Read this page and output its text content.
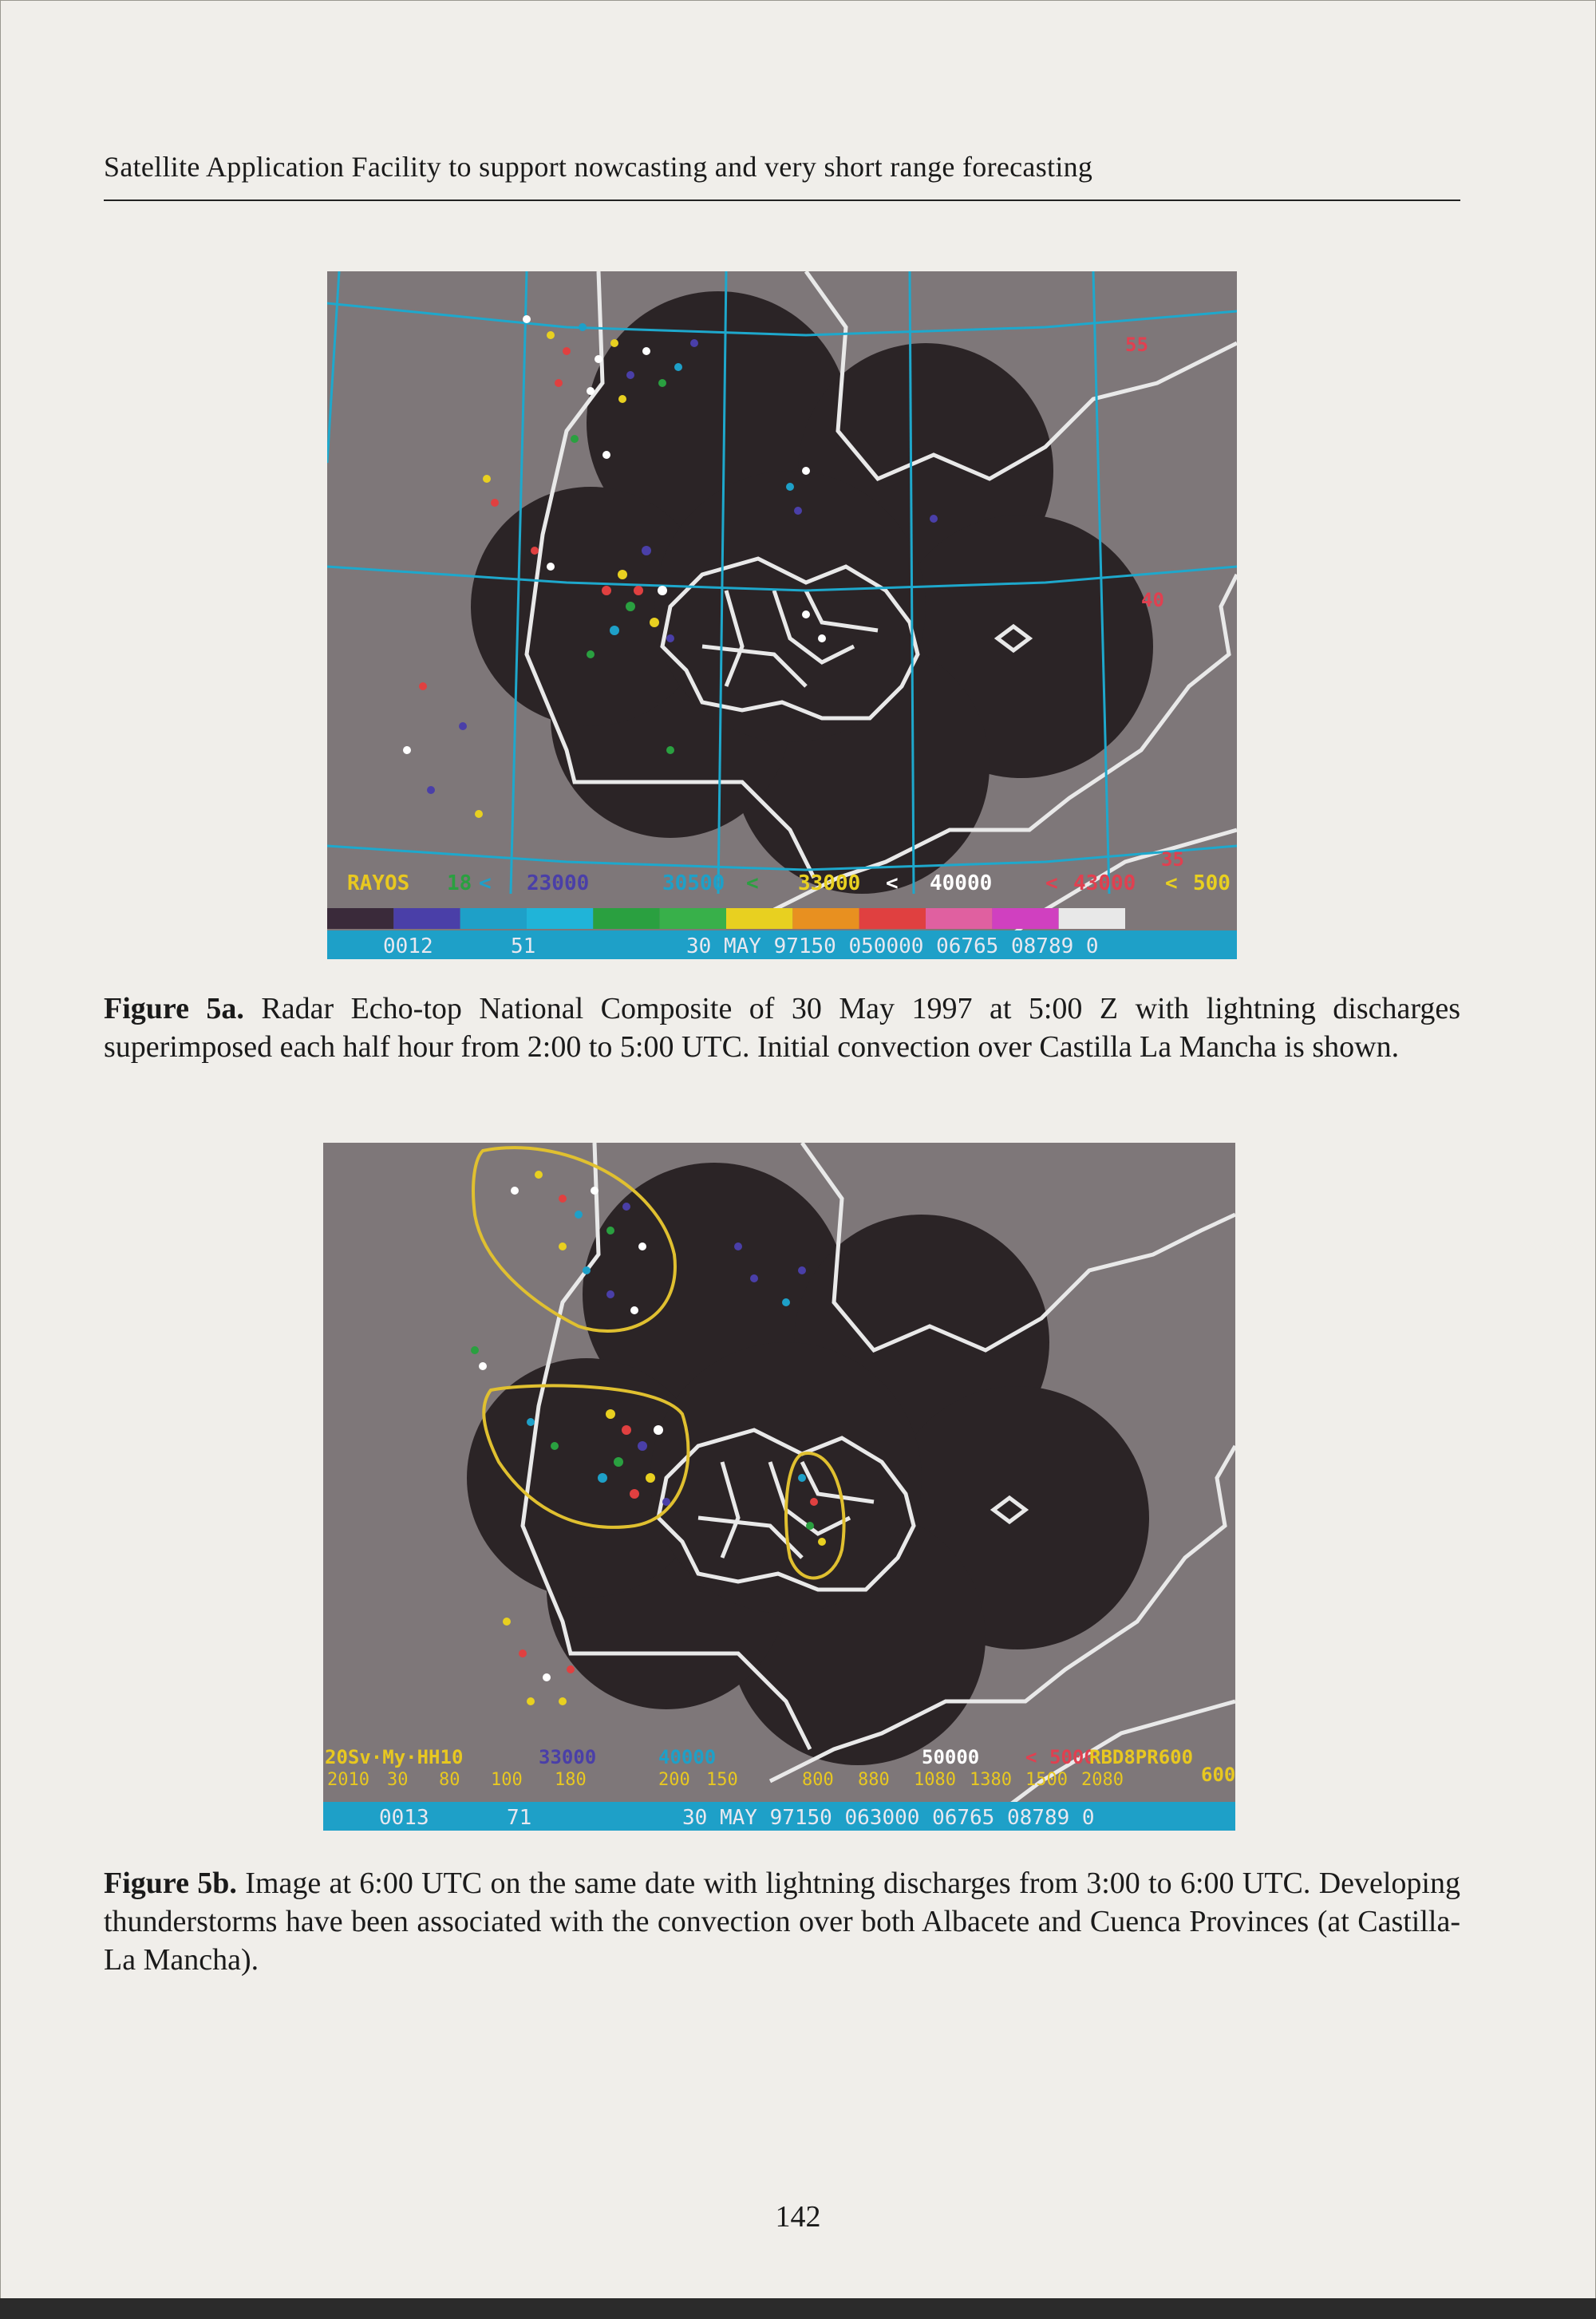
Satellite Application Facility to support nowcasting and very short range forecasting
55
40
35
RAYOS 18 < 23000	30500 < 33000 < 40000	< 43000 < 500
0012	51	30 MAY 97150 050000 06765 08789 0
Figure 5a. Radar Echo-top National Composite of 30 May 1997 at 5:00 Z with lightning discharges superimposed each half hour from 2:00 to 5:00 UTC. Initial convection over Castilla La Mancha is shown.
20Sv·My·HH10	33000	40000	50000 < 5000
RBD8PR600
600
2010 30 80 100 180	200 150	800 880 1080 1380 1500 2080
0013	71	30 MAY 97150 063000 06765 08789 0
Figure 5b. Image at 6:00 UTC on the same date with lightning discharges from 3:00 to 6:00 UTC. Developing thunderstorms have been associated with the convection over both Albacete and Cuenca Provinces (at Castilla-La Mancha).
142
